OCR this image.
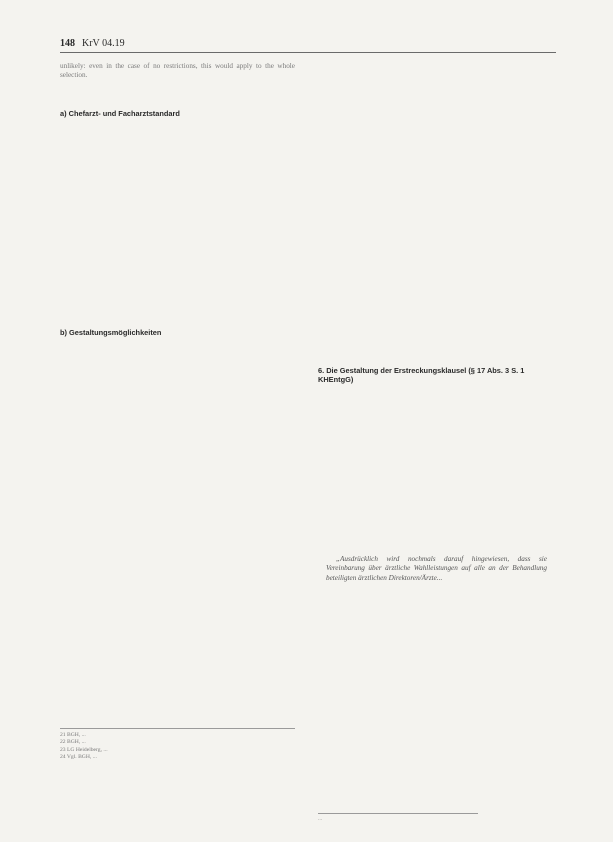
148 KrV 04.19

unlikely: even in the case of no restrictions, this would apply to the whole selection.

a) Chefarzt- und Facharztstandard
b) Gestaltungsmöglichkeiten
6. Die Gestaltung der Erstreckungsklausel (§ 17 Abs. 3 S. 1 KHEntgG)

„Ausdrücklich wird nochmals darauf hingewiesen, dass sie Vereinbarung über ärztliche Wahlleistungen auf alle an der Behandlung beteiligten ärztlichen Direktoren/Ärzte...

21 BGH, ...
22 BGH, ...
23 LG Heidelberg, ...
24 Vgl. BGH, ...
...
